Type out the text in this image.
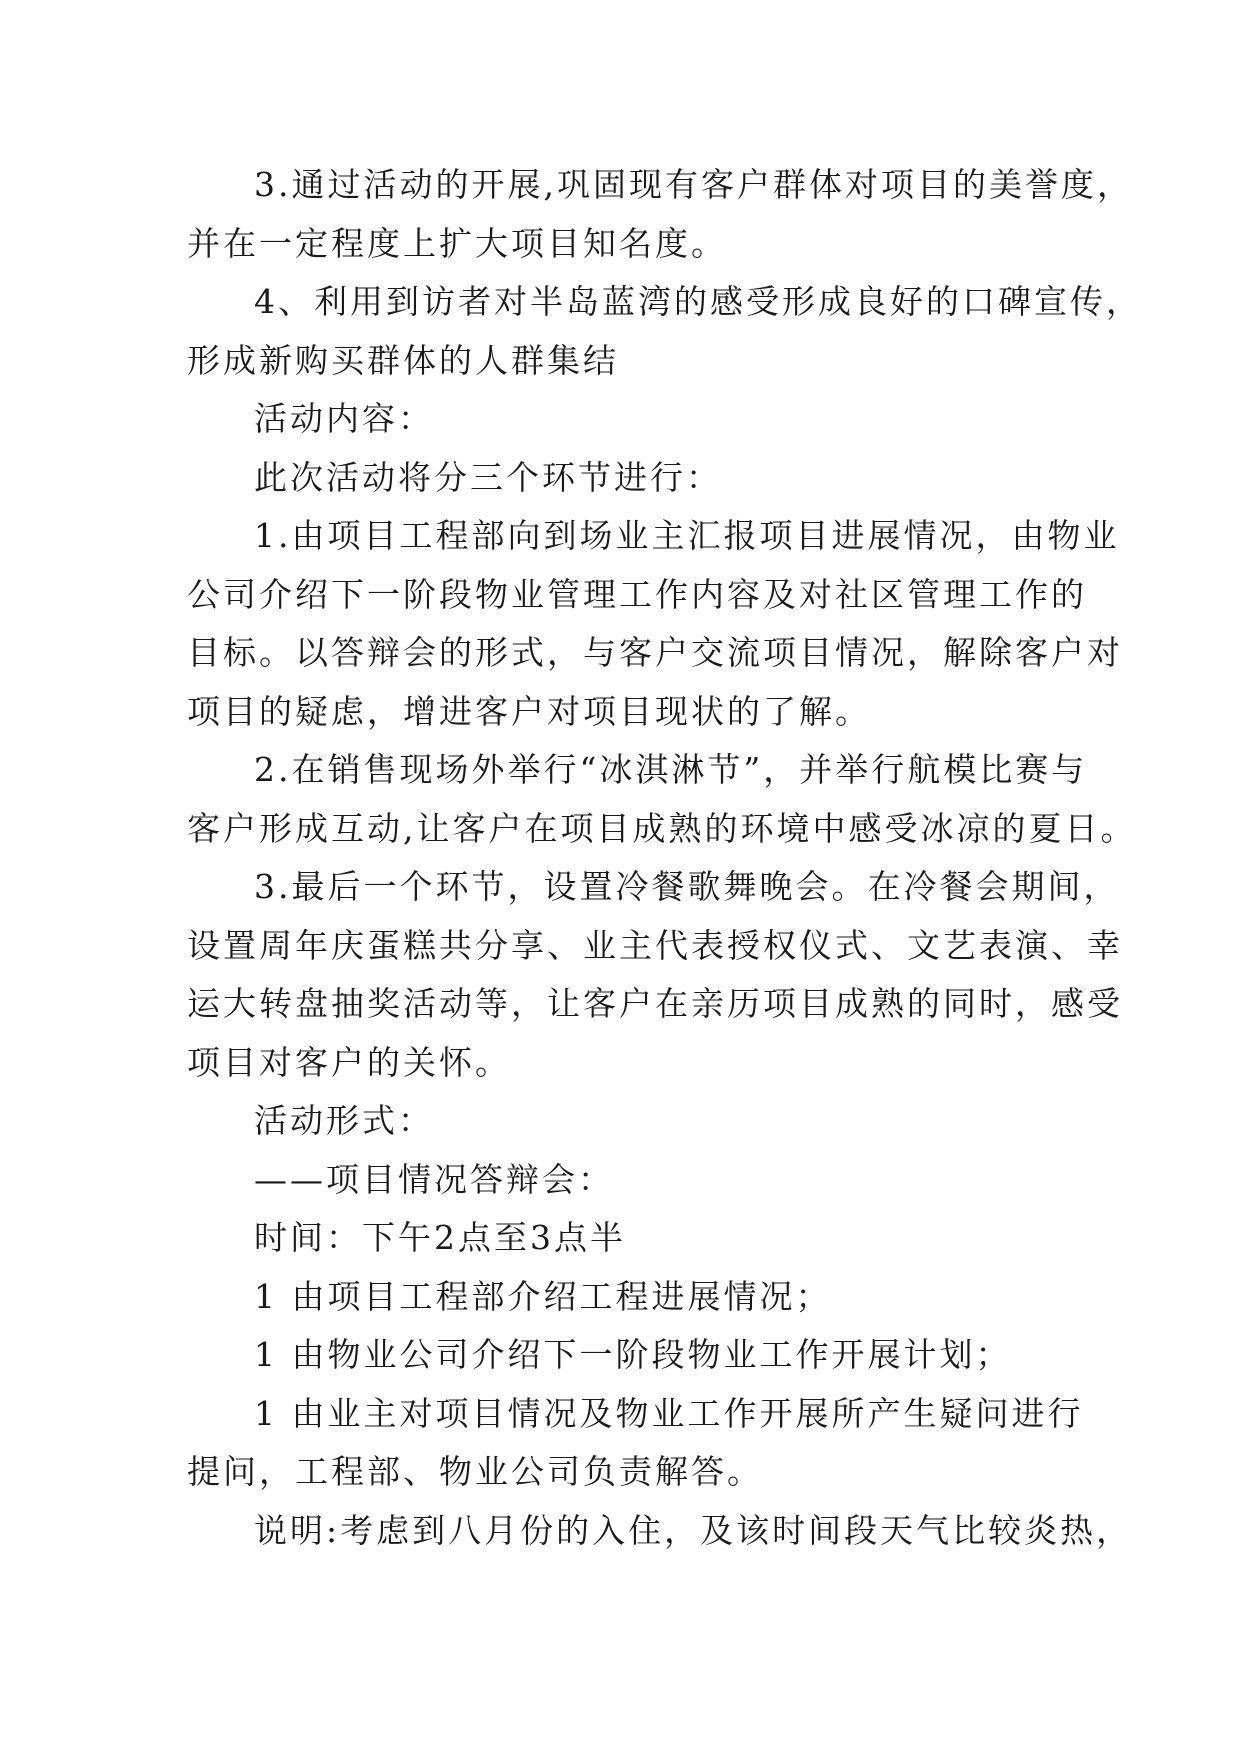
3.通过活动的开展,巩固现有客户群体对项目的美誉度，
并在一定程度上扩大项目知名度。
4、利用到访者对半岛蓝湾的感受形成良好的口碑宣传，
形成新购买群体的人群集结
活动内容：
此次活动将分三个环节进行：
1.由项目工程部向到场业主汇报项目进展情况，由物业
公司介绍下一阶段物业管理工作内容及对社区管理工作的
目标。以答辩会的形式，与客户交流项目情况，解除客户对
项目的疑虑，增进客户对项目现状的了解。
2.在销售现场外举行“冰淇淋节”，并举行航模比赛与
客户形成互动,让客户在项目成熟的环境中感受冰凉的夏日。
3.最后一个环节，设置冷餐歌舞晚会。在冷餐会期间，
设置周年庆蛋糕共分享、业主代表授权仪式、文艺表演、幸
运大转盘抽奖活动等，让客户在亲历项目成熟的同时，感受
项目对客户的关怀。
活动形式：
——项目情况答辩会：
时间：下午2点至3点半
1 由项目工程部介绍工程进展情况；
1 由物业公司介绍下一阶段物业工作开展计划；
1 由业主对项目情况及物业工作开展所产生疑问进行
提问，工程部、物业公司负责解答。
说明:考虑到八月份的入住，及该时间段天气比较炎热，
